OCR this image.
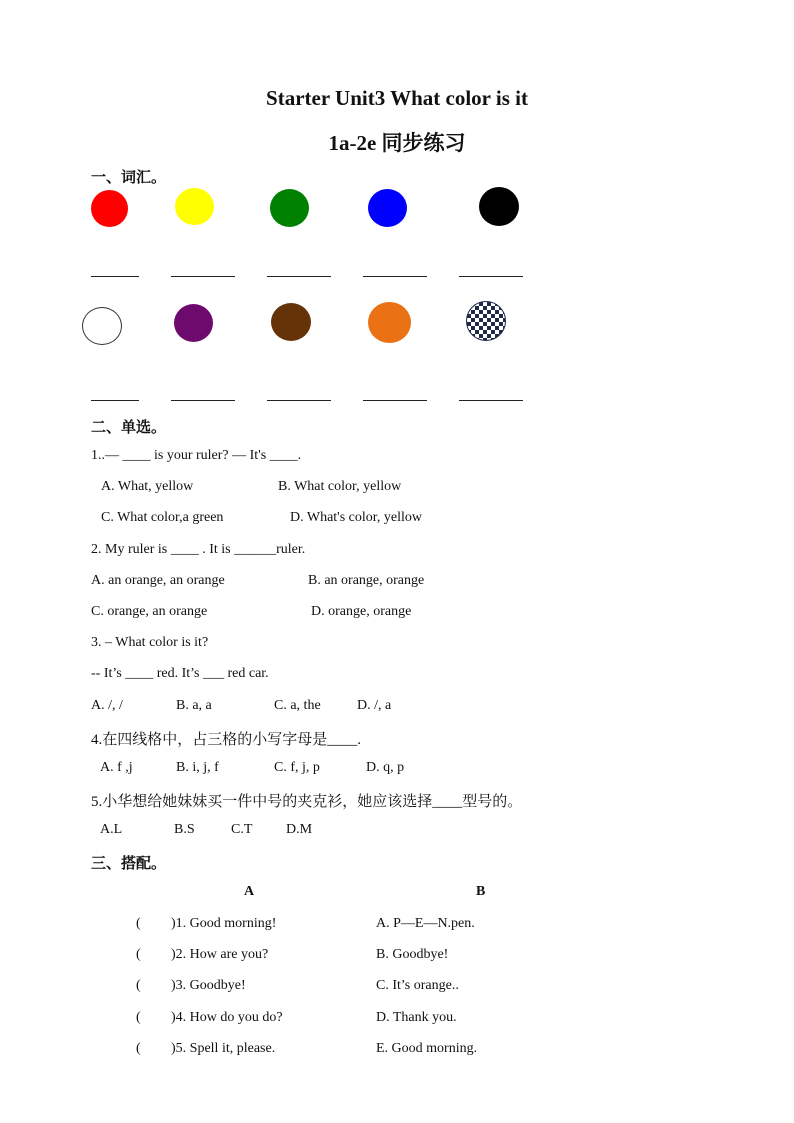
Starter Unit3 What color is it
1a-2e 同步练习
一、词汇。
二、单选。
1..— ____ is your ruler? — It's ____.
A. What, yellow	B. What color, yellow
C. What color,a green	D. What's color, yellow
2. My ruler is ____ . It is ______ruler.
A. an orange, an orange	B. an orange, orange
C. orange, an orange	D. orange, orange
3. – What color is it?
-- It’s ____ red. It’s ___ red car.
A. /, /	B. a, a	C. a, the	D. /, a
4.在四线格中，占三格的小写字母是____.
A. f ,j	B. i, j, f	C. f, j, p	D. q, p
5.小华想给她妹妹买一件中号的夹克衫，她应该选择____型号的。
A.L	B.S	C.T D.M
三、搭配。
A	B
( )1. Good morning!	A. P—E—N.pen.
( )2. How are you?	B. Goodbye!
( )3. Goodbye!	C. It’s orange..
( )4. How do you do?	D. Thank you.
( )5. Spell it, please.	E. Good morning.
